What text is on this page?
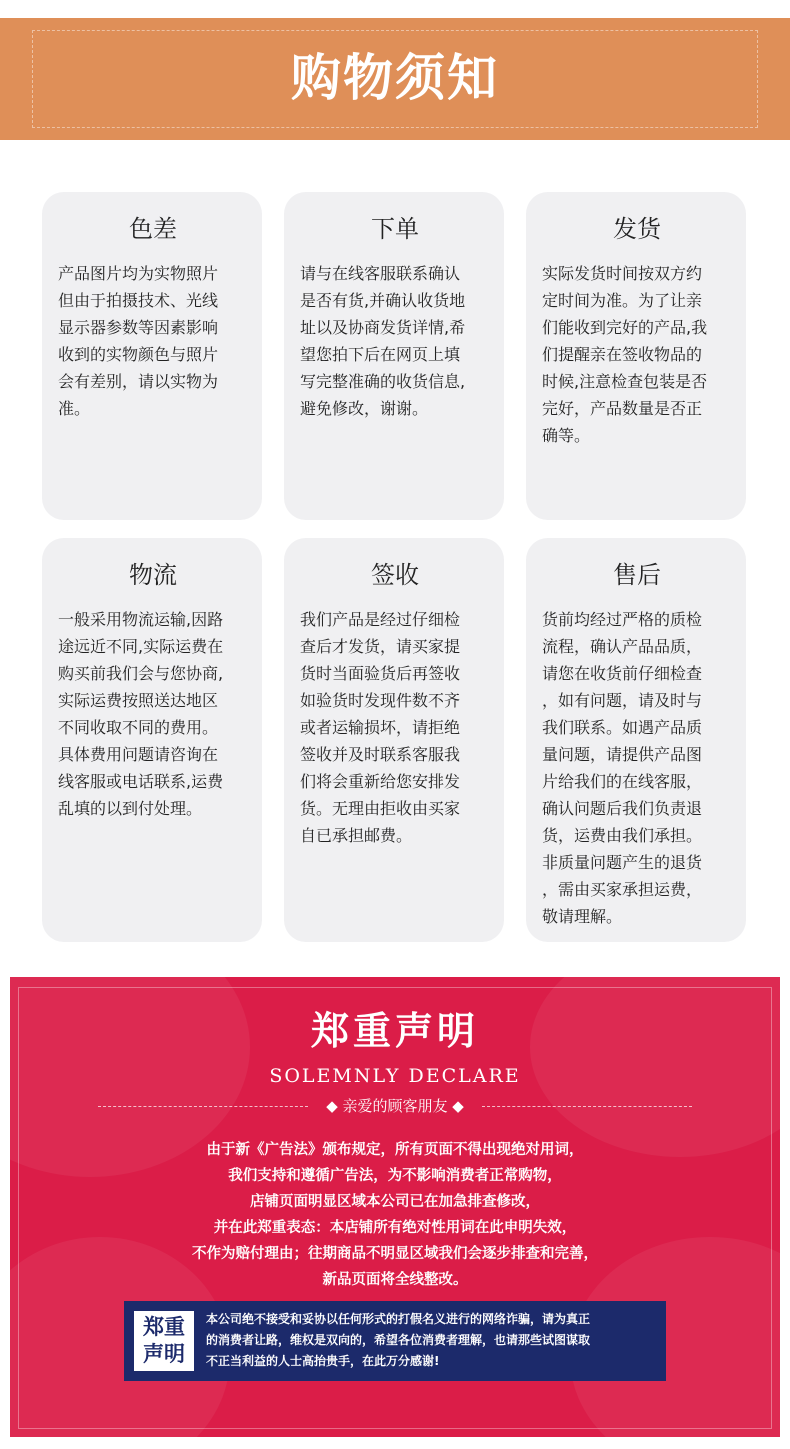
购物须知
色差

产品图片均为实物照片
但由于拍摄技术、光线
显示器参数等因素影响
收到的实物颜色与照片
会有差别，请以实物为
准。

下单

请与在线客服联系确认
是否有货,并确认收货地
址以及协商发货详情,希
望您拍下后在网页上填
写完整准确的收货信息,
避免修改，谢谢。

发货

实际发货时间按双方约
定时间为准。为了让亲
们能收到完好的产品,我
们提醒亲在签收物品的
时候,注意检查包装是否
完好，产品数量是否正
确等。

物流

一般采用物流运输,因路
途远近不同,实际运费在
购买前我们会与您协商,
实际运费按照送达地区
不同收取不同的费用。
具体费用问题请咨询在
线客服或电话联系,运费
乱填的以到付处理。

签收

我们产品是经过仔细检
查后才发货，请买家提
货时当面验货后再签收
如验货时发现件数不齐
或者运输损坏，请拒绝
签收并及时联系客服我
们将会重新给您安排发
货。无理由拒收由买家
自已承担邮费。

售后

货前均经过严格的质检
流程，确认产品品质，
请您在收货前仔细检查
，如有问题，请及时与
我们联系。如遇产品质
量问题，请提供产品图
片给我们的在线客服，
确认问题后我们负责退
货，运费由我们承担。
非质量问题产生的退货
，需由买家承担运费，
敬请理解。

郑重声明
SOLEMNLY DECLARE
◆ 亲爱的顾客朋友 ◆
由于新《广告法》颁布规定，所有页面不得出现绝对用词，
我们支持和遵循广告法，为不影响消费者正常购物，
店铺页面明显区域本公司已在加急排查修改，
并在此郑重表态：本店铺所有绝对性用词在此申明失效，
不作为赔付理由；往期商品不明显区域我们会逐步排查和完善，
新品页面将全线整改。
郑重
声明
本公司绝不接受和妥协以任何形式的打假名义进行的网络诈骗，请为真正
的消费者让路，维权是双向的，希望各位消费者理解，也请那些试图谋取
不正当利益的人士高抬贵手，在此万分感谢!
